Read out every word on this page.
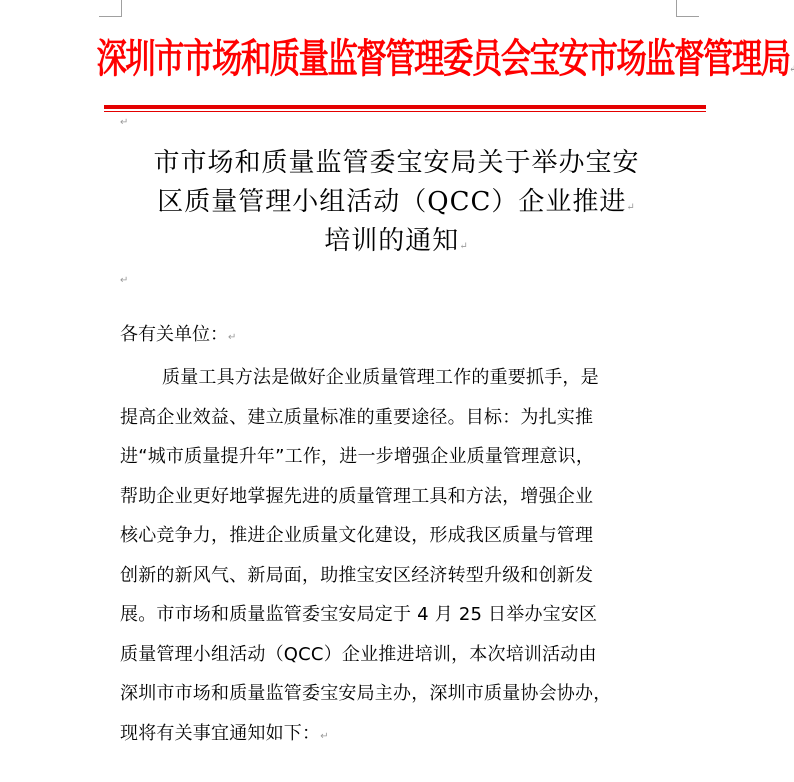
深圳市市场和质量监督管理委员会宝安市场监督管理局↵
↵
市市场和质量监管委宝安局关于举办宝安
区质量管理小组活动（QCC）企业推进↵
培训的通知↵
↵
各有关单位：↵
质量工具方法是做好企业质量管理工作的重要抓手，是
提高企业效益、建立质量标准的重要途径。目标：为扎实推
进“城市质量提升年”工作，进一步增强企业质量管理意识，
帮助企业更好地掌握先进的质量管理工具和方法，增强企业
核心竞争力，推进企业质量文化建设，形成我区质量与管理
创新的新风气、新局面，助推宝安区经济转型升级和创新发
展。市市场和质量监管委宝安局定于 4 月 25 日举办宝安区
质量管理小组活动（QCC）企业推进培训，本次培训活动由
深圳市市场和质量监管委宝安局主办，深圳市质量协会协办，
现将有关事宜通知如下：↵
